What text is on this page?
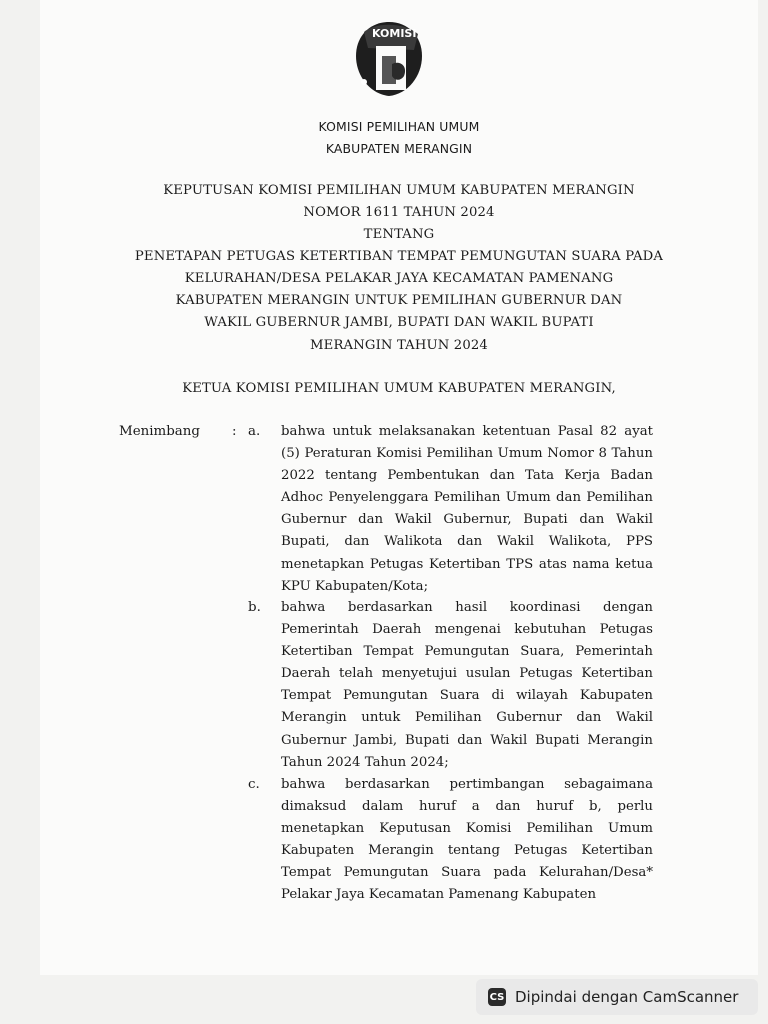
KOMISI
KOMISI PEMILIHAN UMUM
KABUPATEN MERANGIN
KEPUTUSAN KOMISI PEMILIHAN UMUM KABUPATEN MERANGIN
NOMOR 1611 TAHUN 2024
TENTANG
PENETAPAN PETUGAS KETERTIBAN TEMPAT PEMUNGUTAN SUARA PADA
KELURAHAN/DESA PELAKAR JAYA KECAMATAN PAMENANG
KABUPATEN MERANGIN UNTUK PEMILIHAN GUBERNUR DAN
WAKIL GUBERNUR JAMBI, BUPATI DAN WAKIL BUPATI
MERANGIN TAHUN 2024
KETUA KOMISI PEMILIHAN UMUM KABUPATEN MERANGIN,
Menimbang : a. bahwa untuk melaksanakan ketentuan Pasal 82 ayat (5) Peraturan Komisi Pemilihan Umum Nomor 8 Tahun 2022 tentang Pembentukan dan Tata Kerja Badan Adhoc Penyelenggara Pemilihan Umum dan Pemilihan Gubernur dan Wakil Gubernur, Bupati dan Wakil Bupati, dan Walikota dan Wakil Walikota, PPS menetapkan Petugas Ketertiban TPS atas nama ketua KPU Kabupaten/Kota;
b. bahwa berdasarkan hasil koordinasi dengan Pemerintah Daerah mengenai kebutuhan Petugas Ketertiban Tempat Pemungutan Suara, Pemerintah Daerah telah menyetujui usulan Petugas Ketertiban Tempat Pemungutan Suara di wilayah Kabupaten Merangin untuk Pemilihan Gubernur dan Wakil Gubernur Jambi, Bupati dan Wakil Bupati Merangin Tahun 2024 Tahun 2024;
c. bahwa berdasarkan pertimbangan sebagaimana dimaksud dalam huruf a dan huruf b, perlu menetapkan Keputusan Komisi Pemilihan Umum Kabupaten Merangin tentang Petugas Ketertiban Tempat Pemungutan Suara pada Kelurahan/Desa* Pelakar Jaya Kecamatan Pamenang Kabupaten
CS Dipindai dengan CamScanner
